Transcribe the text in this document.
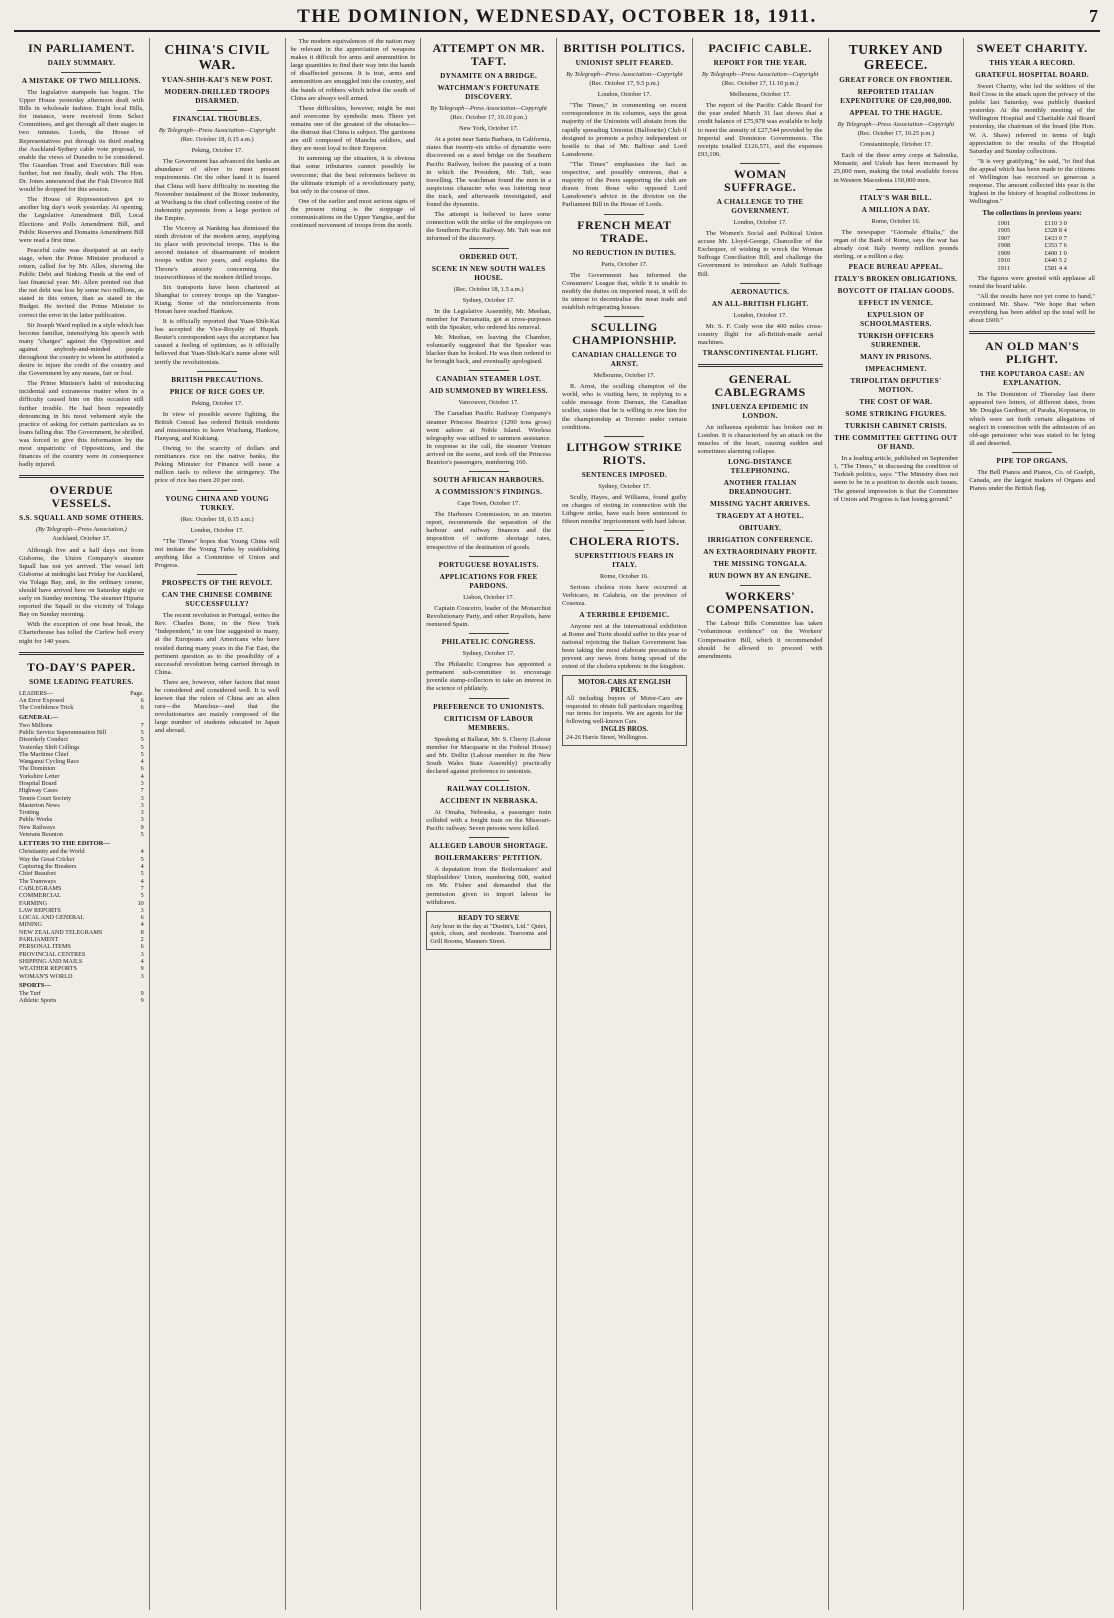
THE DOMINION, WEDNESDAY, OCTOBER 18, 1911.	7
IN PARLIAMENT.
DAILY SUMMARY.
A MISTAKE OF TWO MILLIONS.

The legislative stampede has begun. The Upper House yesterday afternoon dealt with Bills in wholesale fashion. Eight local Bills, for instance, were received from Select Committees, and got through all their stages in two minutes. Lords, the House of Representatives put through its third reading the Auckland-Sydney cable vote proposal, to enable the views of Dunedin to be considered. The Guardian Trust and Executors Bill was further, but not finally, dealt with. The Hon. Dr. Jones announced that the Fish Divorce Bill would be dropped for this session.

The House of Representatives got to another big day's work yesterday. At opening, the Legislative Amendment Bill, Local Elections and Polls Amendment Bill, and Public Reserves and Domains Amendment Bill were read a first time.

Peaceful calm was dissipated at an early stage, when the Prime Minister produced a return, called for by Mr. Allen, showing the Public Debt and Sinking Funds at the end of last financial year. Mr. Allen pointed out that the net debt was less by some two millions, as stated in this return, than as stated in the Budget. He invited the Prime Minister to correct the error in the latter publication.

Sir Joseph Ward replied in a style which has become familiar, intensifying his speech with many "charges" against the Opposition and against anybody-and-minded people throughout the country to whom he attributed a desire to injure the credit of the country and the Government by any means, fair or foul.

The Prime Minister's habit of introducing incidental and extraneous matter when in a difficulty caused him on this occasion still further trouble. He had been repeatedly denouncing in his most vehement style the practice of asking for certain particulars as to loans falling due. The Government, he shrilled, was forced to give this information by the most unpatriotic of Oppositions, and the finances of the country were in consequence badly injured.

OVERDUE VESSELS.
S.S. SQUALL AND SOME OTHERS.
(By Telegraph—Press Association.)
Auckland, October 17.

Although five and a half days out from Gisborne, the Union Company's steamer Squall has not yet arrived. The vessel left Gisborne at midnight last Friday for Auckland, via Tolaga Bay, and, in the ordinary course, should have arrived here on Saturday night or early on Sunday morning. The steamer Hipuria reported the Squall in the vicinity of Tolaga Bay on Sunday morning.

With the exception of one boat break, the Charterhouse has tolled the Curfew bell every night for 140 years.

TO-DAY'S PAPER.
SOME LEADING FEATURES.
LEADERS—	Page.
An Error Exposed	6
The Confidence Trick	6
GENERAL—
Two Millions	7
Public Service Superannuation Bill	5
Disorderly Conduct	5
Yesterday Shift Collings	5
The Maritime Chief	5
Wanganui Cycling Race	4
The Dominion	6
Yorkshire Letter	4
Hospital Board	3
Highway Cases	7
Tennis Court Society	3
Masterton News	3
Trotting	3
Public Works	3
New Railways	9
Veterans Reunion	5
LETTERS TO THE EDITOR—
Christianity and the World	4
Way the Great Cricket	5
Capturing the Breakers	4
Chief Beaufort	5
The Tramways	4
CABLEGRAMS	7
COMMERCIAL	5
FARMING	10
LAW REPORTS	3
LOCAL AND GENERAL	6
MINING	4
NEW ZEALAND TELEGRAMS	8
PARLIAMENT	2
PERSONAL ITEMS	6
PROVINCIAL CENTRES	3
SHIPPING AND MAILS	4
WEATHER REPORTS	9
WOMAN'S WORLD	3
SPORTS—
The Turf	9
Athletic Sports	9
CHINA'S CIVIL WAR.
YUAN-SHIH-KAI'S NEW POST.
MODERN-DRILLED TROOPS DISARMED.
FINANCIAL TROUBLES.
By Telegraph—Press Association—Copyright
(Rec. October 18, 0.15 a.m.)
Peking, October 17.

The Government has advanced the banks an abundance of silver to meet present requirements. On the other hand it is feared that China will have difficulty in meeting the November instalment of the Boxer indemnity, at Wuchang is the chief collecting centre of the indemnity payments from a large portion of the Empire.

The Viceroy at Nanking has dismissed the ninth division of the modern army, supplying its place with provincial troops. This is the second instance of disarmament of modern troops within two years, and explains the Throne's anxiety concerning the trustworthiness of the modern drilled troops.

Six transports have been chartered at Shanghai to convey troops up the Yangtse-Kiang. Some of the reinforcements from Honan have reached Hankow.

It is officially reported that Yuan-Shih-Kai has accepted the Vice-Royalty of Hupeh. Reuter's correspondent says the acceptance has caused a feeling of optimism, as it officially believed that Yuan-Shih-Kai's name alone will terrify the revolutionists.

BRITISH PRECAUTIONS.
PRICE OF RICE GOES UP.
Peking, October 17.

In view of possible severe fighting, the British Consul has ordered British residents and missionaries to leave Wuchang, Hankow, Hanyang, and Kiukiang.

Owing to the scarcity of dollars and remittances rice on the native banks, the Peking Minister for Finance will issue a million taels to relieve the stringency. The price of rice has risen 20 per cent.

YOUNG CHINA AND YOUNG TURKEY.
(Rec. October 18, 0.15 a.m.)
London, October 17.

"The Times" hopes that Young China will not imitate the Young Turks by establishing anything like a Committee of Union and Progress.

PROSPECTS OF THE REVOLT.
CAN THE CHINESE COMBINE SUCCESSFULLY?

The recent revolution in Portugal, writes the Rev. Charles Bone, in the New York "Independent," in one line suggested to many, at the Europeans and Americans who have resided during many years in the Far East, the pertinent question as to the possibility of a successful revolution being carried through in China.

There are, however, other factors that must be considered and considered well. It is well known that the rulers of China are an alien race—the Manchus—and that the revolutionaries are mainly composed of the large number of students educated in Japan and abroad.

The modern equivalences of the nation may be relevant in the appreciation of weapons makes it difficult for arms and ammunition in large quantities to find their way into the hands of disaffected persons. It is true, arms and ammunition are smuggled into the country, and the bands of robbers which infest the south of China are always well armed.

These difficulties, however, might be met and overcome by symbolic men. There yet remains one of the greatest of the obstacles—the distrust that China is subject. The garrisons are still composed of Manchu soldiers, and they are most loyal to their Emperor.

In summing up the situation, it is obvious that some tributaries cannot possibly be overcome; that the best reformers believe in the ultimate triumph of a revolutionary party, but only in the course of time.

One of the earlier and most serious signs of the present rising is the stoppage of communications on the Upper Yangtse, and the continued movement of troops from the north.

ATTEMPT ON MR. TAFT.
DYNAMITE ON A BRIDGE.
WATCHMAN'S FORTUNATE DISCOVERY.
By Telegraph—Press Association—Copyright
(Rec. October 17, 10.10 p.m.)
New York, October 17.

At a point near Santa Barbara, in California, states that twenty-six sticks of dynamite were discovered on a steel bridge on the Southern Pacific Railway, before the passing of a train in which the President, Mr. Taft, was travelling. The watchman found the men in a suspicious character who was loitering near the track, and afterwards investigated, and found the dynamite.

The attempt is believed to have some connection with the strike of the employees on the Southern Pacific Railway. Mr. Taft was not informed of the discovery.

ORDERED OUT.
SCENE IN NEW SOUTH WALES HOUSE.
(Rec. October 18, 1.5 a.m.)
Sydney, October 17.

In the Legislative Assembly, Mr. Meehan, member for Parramatta, got at cross-purposes with the Speaker, who ordered his removal.

Mr. Meehan, on leaving the Chamber, voluntarily suggested that the Speaker was blacker than he looked. He was then ordered to be brought back, and eventually apologised.

CANADIAN STEAMER LOST.
AID SUMMONED BY WIRELESS.
Vancouver, October 17.

The Canadian Pacific Railway Company's steamer Princess Beatrice (1290 tons gross) went ashore at Noble Island. Wireless telegraphy was utilised to summon assistance. In response to the call, the steamer Venture arrived on the scene, and took off the Princess Beatrice's passengers, numbering 160.

SOUTH AFRICAN HARBOURS.
A COMMISSION'S FINDINGS.
Cape Town, October 17.

The Harbours Commission, in an interim report, recommends the separation of the harbour and railway finances and the imposition of uniform shortage rates, irrespective of the destination of goods.

PORTUGUESE ROYALISTS.
APPLICATIONS FOR FREE PARDONS.
Lisbon, October 17.

Captain Couceiro, leader of the Monarchist Revolutionary Party, and other Royalists, have reentered Spain.

PHILATELIC CONGRESS.
Sydney, October 17.

The Philatelic Congress has appointed a permanent sub-committee to encourage juvenile stamp-collectors to take an interest in the science of philately.

PREFERENCE TO UNIONISTS.
CRITICISM OF LABOUR MEMBERS.

Speaking at Ballarat, Mr. S. Cherry (Labour member for Macquarie in the Federal House) and Mr. Dollin (Labour member in the New South Wales State Assembly) practically declared against preference to unionists.

RAILWAY COLLISION.
ACCIDENT IN NEBRASKA.

At Omaha, Nebraska, a passenger train collided with a freight train on the Missouri-Pacific railway. Seven persons were killed.

ALLEGED LABOUR SHORTAGE.
BOILERMAKERS' PETITION.

A deputation from the Boilermakers' and Shipbuilders' Union, numbering 600, waited on Mr. Fisher and demanded that the permission given to import labour be withdrawn.

READY TO SERVE
Any hour in the day at "Dustin's, Ltd." Quiet, quick, clean, and moderate. Tearooms and Grill Rooms, Manners Street.
BRITISH POLITICS.
UNIONIST SPLIT FEARED.
By Telegraph—Press Association—Copyright
(Rec. October 17, 9.5 p.m.)
London, October 17.

"The Times," in commenting on recent correspondence in its columns, says the great majority of the Unionists will abstain from the rapidly spreading Unionist (Balfourite) Club if designed to promote a policy independent or hostile to that of Mr. Balfour and Lord Lansdowne.

"The Times" emphasises the fact as respective, and possibly ominous, that a majority of the Peers supporting the club are drawn from those who opposed Lord Lansdowne's advice in the division on the Parliament Bill in the House of Lords.

FRENCH MEAT TRADE.
NO REDUCTION IN DUTIES.
Paris, October 17.

The Government has informed the Consumers' League that, while it is unable to modify the duties on imported meat, it will do its utmost to decentralise the meat trade and establish refrigerating houses.

SCULLING CHAMPIONSHIP.
CANADIAN CHALLENGE TO ARNST.
Melbourne, October 17.

R. Arnst, the sculling champion of the world, who is visiting here, in replying to a cable message from Durnan, the Canadian sculler, states that he is willing to row him for the championship at Toronto under certain conditions.

LITHGOW STRIKE RIOTS.
SENTENCES IMPOSED.
Sydney, October 17.

Scully, Hayes, and Williams, found guilty on charges of rioting in connection with the Lithgow strike, have each been sentenced to fifteen months' imprisonment with hard labour.

CHOLERA RIOTS.
SUPERSTITIOUS FEARS IN ITALY.
Rome, October 16.

Serious cholera riots have occurred at Verbicaro, in Calabria, on the province of Cosenza.

A TERRIBLE EPIDEMIC.

Anyone not at the international exhibition at Rome and Turin should suffer in this year of national rejoicing the Italian Government has been taking the most elaborate precautions to prevent any news from being spread of the extent of the cholera epidemic in the kingdom.

MOTOR-CARS AT ENGLISH PRICES.
All including buyers of Motor-Cars are requested to obtain full particulars regarding our terms for imports. We are agents for the following well-known Cars.
INGLIS BROS.
24-26 Harris Street, Wellington.
PACIFIC CABLE.
REPORT FOR THE YEAR.
By Telegraph—Press Association—Copyright
(Rec. October 17, 11.10 p.m.)
Melbourne, October 17.

The report of the Pacific Cable Board for the year ended March 31 last shows that a credit balance of £75,978 was available to help to meet the annuity of £27,544 provided by the Imperial and Dominion Governments. The receipts totalled £126,571, and the expenses £93,106.

WOMAN SUFFRAGE.
A CHALLENGE TO THE GOVERNMENT.
London, October 17.

The Women's Social and Political Union accuse Mr. Lloyd-George, Chancellor of the Exchequer, of wishing to wreck the Woman Suffrage Conciliation Bill, and challenge the Government to introduce an Adult Suffrage Bill.

AERONAUTICS.
AN ALL-BRITISH FLIGHT.
London, October 17.

Mr. S. F. Cody won the 400 miles cross-country flight for all-British-made aerial machines.

TRANSCONTINENTAL FLIGHT.
GENERAL CABLEGRAMS
INFLUENZA EPIDEMIC IN LONDON.

An influenza epidemic has broken out in London. It is characterised by an attack on the muscles of the heart, causing sudden and sometimes alarming collapse.

LONG-DISTANCE TELEPHONING.
ANOTHER ITALIAN DREADNOUGHT.
MISSING YACHT ARRIVES.
TRAGEDY AT A HOTEL.
OBITUARY.
IRRIGATION CONFERENCE.
AN EXTRAORDINARY PROFIT.
THE MISSING TONGALA.
RUN DOWN BY AN ENGINE.
WORKERS' COMPENSATION.

The Labour Bills Committee has taken "voluminous evidence" on the Workers' Compensation Bill, which it recommended should be allowed to proceed with amendments.

TURKEY AND GREECE.
GREAT FORCE ON FRONTIER.
REPORTED ITALIAN EXPENDITURE OF £20,000,000.
APPEAL TO THE HAGUE.
By Telegraph—Press Association—Copyright
(Rec. October 17, 10.25 p.m.)
Constantinople, October 17.

Each of the three army corps at Salonika, Monastir, and Uskub has been increased by 25,000 men, making the total available forces in Western Macedonia 150,000 men.

ITALY'S WAR BILL.
A MILLION A DAY.
Rome, October 16.

The newspaper "Giornale d'Italia," the organ of the Bank of Rome, says the war has already cost Italy twenty million pounds sterling, or a million a day.

PEACE BUREAU APPEAL.
ITALY'S BROKEN OBLIGATIONS.
BOYCOTT OF ITALIAN GOODS.
EFFECT IN VENICE.
EXPULSION OF SCHOOLMASTERS.
TURKISH OFFICERS SURRENDER.
MANY IN PRISONS.
IMPEACHMENT.
TRIPOLITAN DEPUTIES' MOTION.
THE COST OF WAR.
SOME STRIKING FIGURES.
TURKISH CABINET CRISIS.
THE COMMITTEE GETTING OUT OF HAND.

In a leading article, published on September 1, "The Times," in discussing the condition of Turkish politics, says: "The Ministry does not seem to be in a position to decide such issues. The general impression is that the Committee of Union and Progress is fast losing ground."

SWEET CHARITY.
THIS YEAR A RECORD.
GRATEFUL HOSPITAL BOARD.

Sweet Charity, who led the soldiers of the Red Cross in the attack upon the privacy of the public last Saturday, was publicly thanked yesterday. At the monthly meeting of the Wellington Hospital and Charitable Aid Board yesterday, the chairman of the board (the Hon. W. A. Shaw) referred in terms of high appreciation to the results of the Hospital Saturday and Sunday collections.

"It is very gratifying," he said, "to find that the appeal which has been made to the citizens of Wellington has received so generous a response. The amount collected this year is the highest in the history of hospital collections in Wellington."

The collections in previous years:
1901	£110 3 0
1905	£328 8 4
1907	£433 0 7
1908	£353 7 6
1909	£400 1 0
1910	£440 5 2
1911	£581 4 4

The figures were greeted with applause all round the board table.

"All the results have not yet come to hand," continued Mr. Shaw. "We hope that when everything has been added up the total will be about £600."

AN OLD MAN'S PLIGHT.
THE KOPUTAROA CASE: AN EXPLANATION.

In The Dominion of Thursday last there appeared two letters, of different dates, from Mr. Douglas Gardiner, of Paraha, Koputaroa, in which were set forth certain allegations of neglect in connection with the admission of an old-age pensioner who was stated to be lying ill and deserted.

PIPE TOP ORGANS.

The Bell Pianos and Pianos, Co. of Guelph, Canada, are the largest makers of Organs and Pianos under the British flag.
